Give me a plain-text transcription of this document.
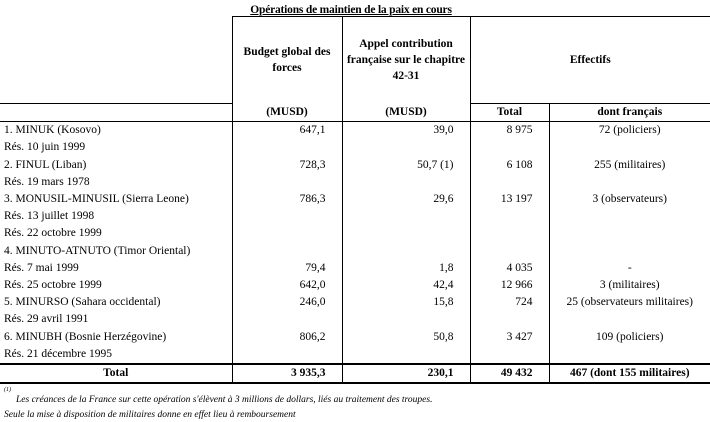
Opérations de maintien de la paix en cours
	Budget global des forces	Appel contribution française sur le chapitre 42-31	Effectifs	
	(MUSD)	(MUSD)	Total	dont français
1. MINUK (Kosovo)	647,1	39,0	8 975	72 (policiers)
Rés. 10 juin 1999				
2. FINUL (Liban)	728,3	50,7 (1)	6 108	255 (militaires)
Rés. 19 mars 1978				
3. MONUSIL-MINUSIL (Sierra Leone)	786,3	29,6	13 197	3 (observateurs)
Rés. 13 juillet 1998				
Rés. 22 octobre 1999				
4. MINUTO-ATNUTO (Timor Oriental)				
Rés. 7 mai 1999	79,4	1,8	4 035	-
Rés. 25 octobre 1999	642,0	42,4	12 966	3 (militaires)
5. MINURSO (Sahara occidental)	246,0	15,8	724	25 (observateurs militaires)
Rés. 29 avril 1991				
6. MINUBH (Bosnie Herzégovine)	806,2	50,8	3 427	109 (policiers)
Rés. 21 décembre 1995				
Total	3 935,3	230,1	49 432	467 (dont 155 militaires)
$^{(1)}$
Les créances de la France sur cette opération s'élèvent à 3 millions de dollars, liés au traitement des troupes.
Seule la mise à disposition de militaires donne en effet lieu à remboursement
